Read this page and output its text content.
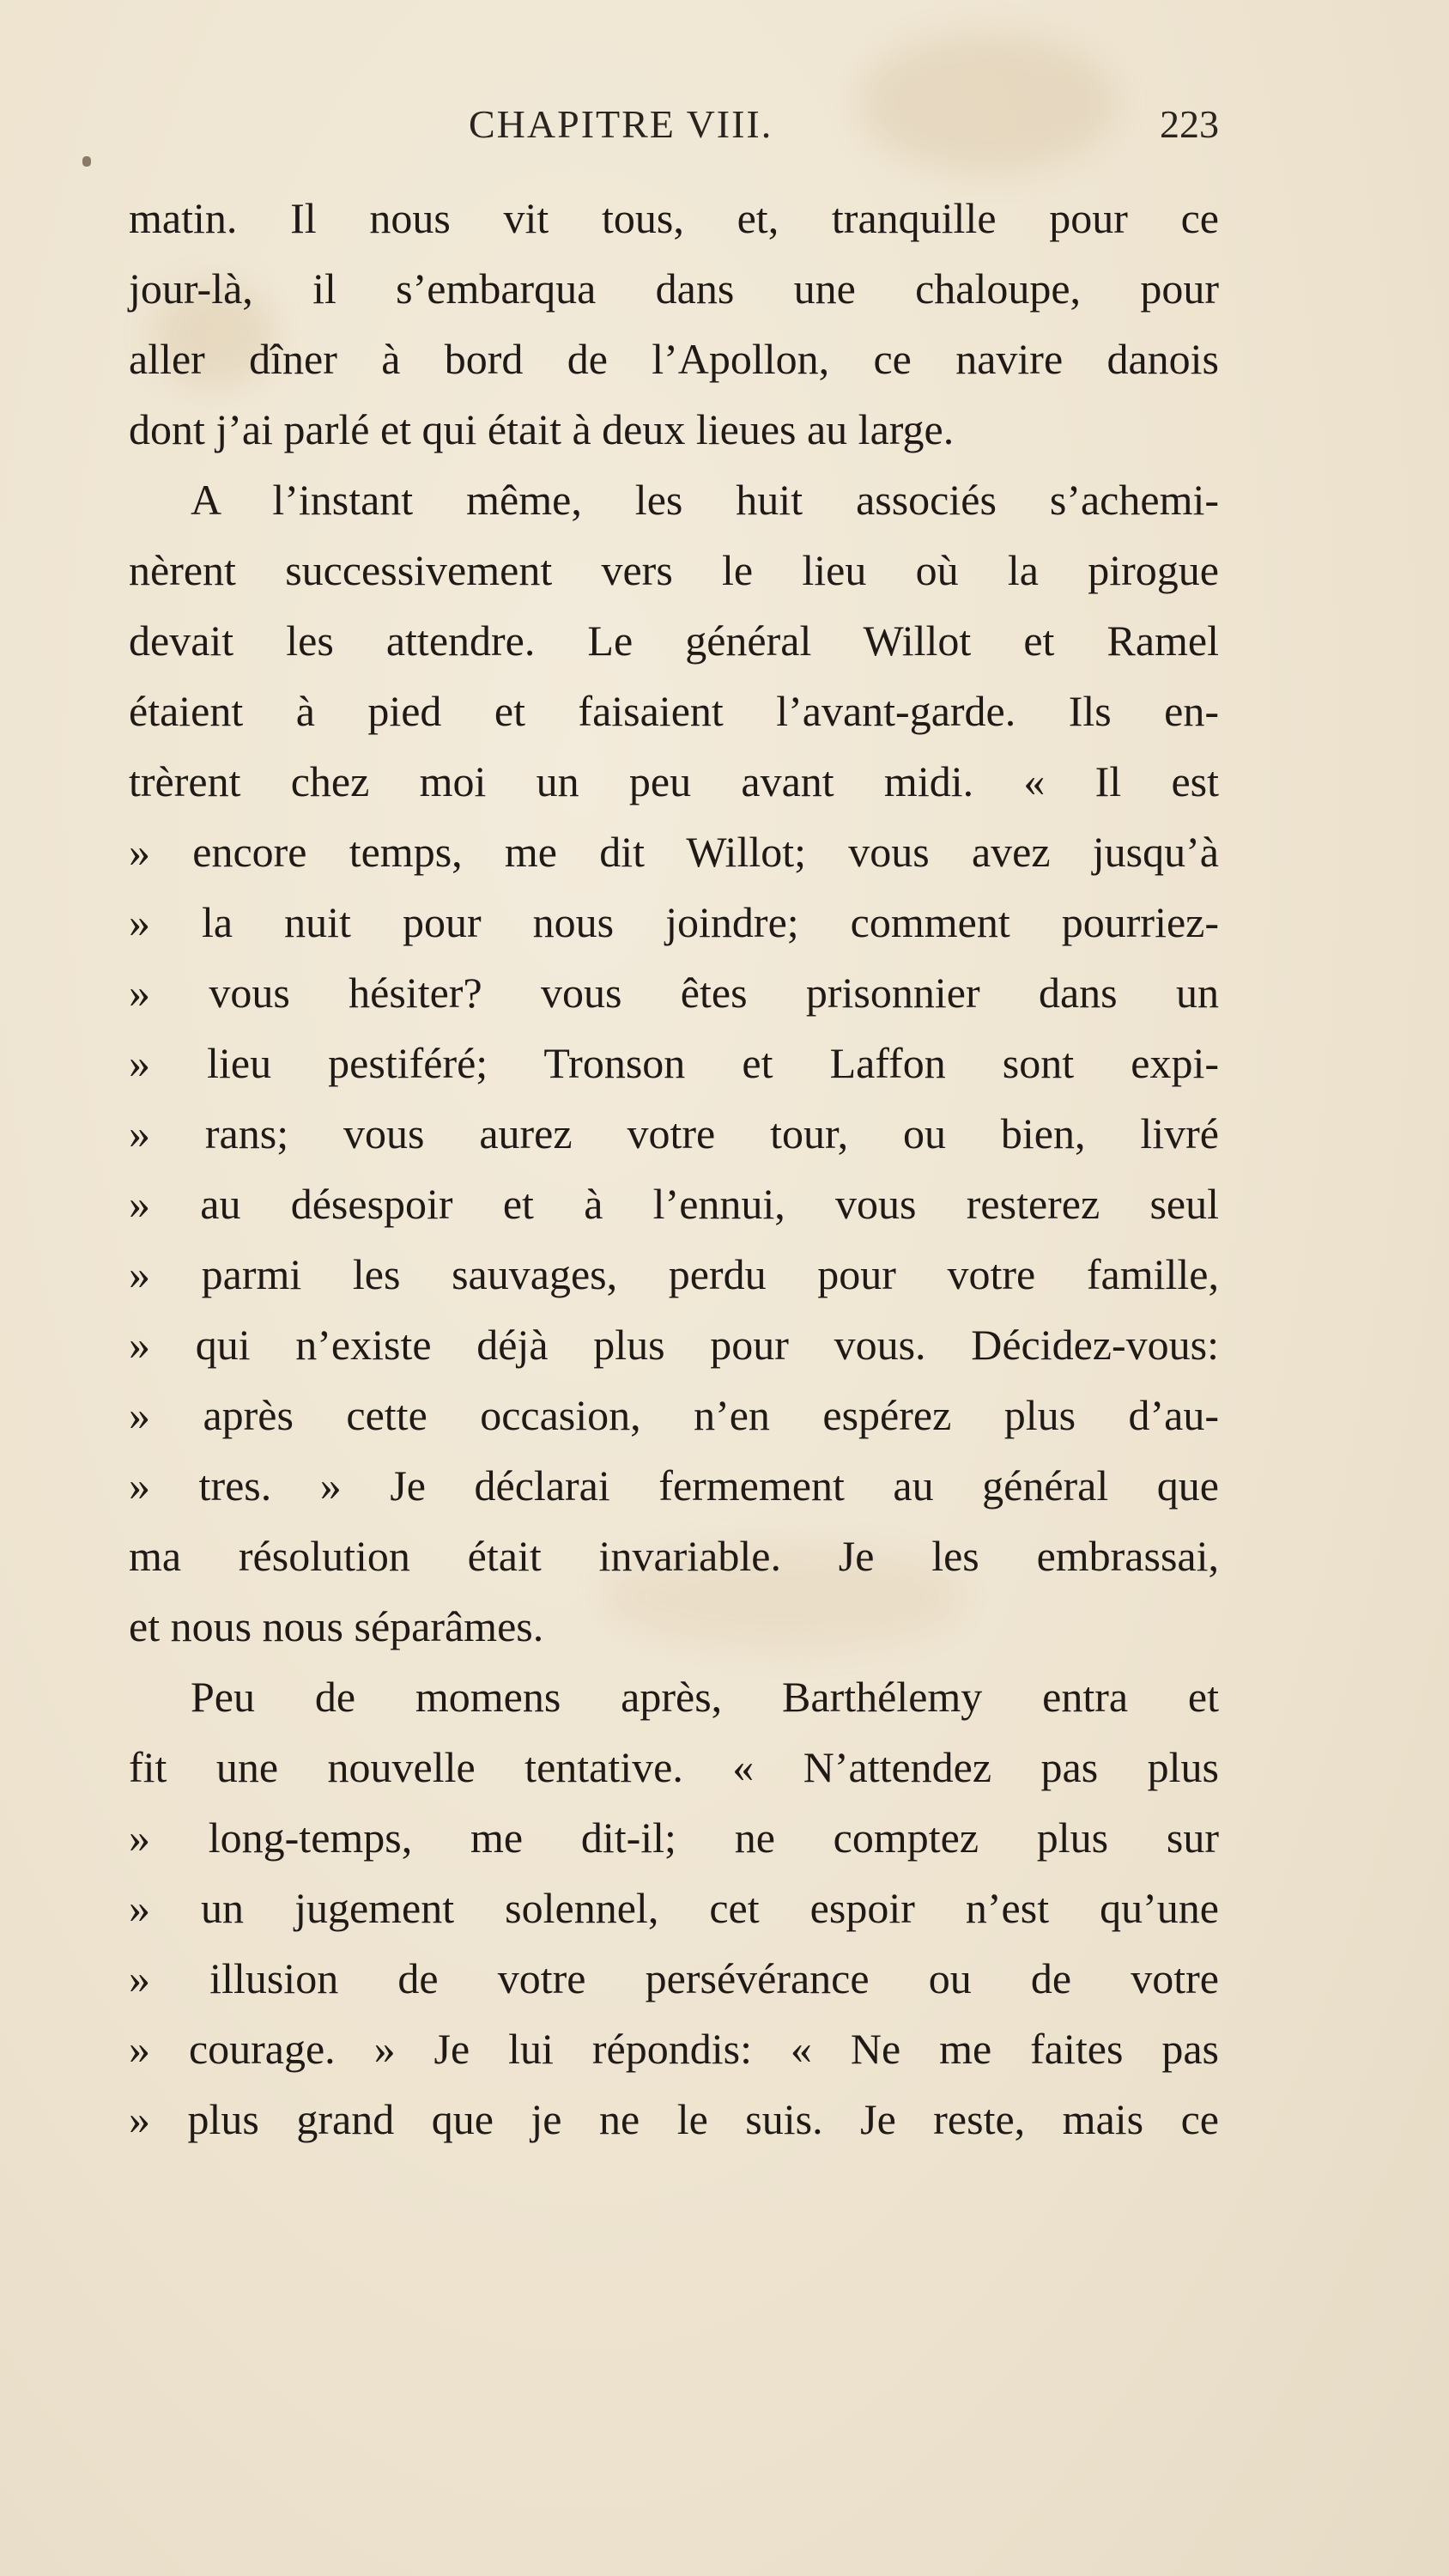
CHAPITRE VIII.	223
matin. Il nous vit tous, et, tranquille pour ce
jour-là, il s’embarqua dans une chaloupe, pour
aller dîner à bord de l’Apollon, ce navire danois
dont j’ai parlé et qui était à deux lieues au large.
A l’instant même, les huit associés s’achemi-
nèrent successivement vers le lieu où la pirogue
devait les attendre. Le général Willot et Ramel
étaient à pied et faisaient l’avant-garde. Ils en-
trèrent chez moi un peu avant midi. « Il est
» encore temps, me dit Willot; vous avez jusqu’à
» la nuit pour nous joindre; comment pourriez-
» vous hésiter? vous êtes prisonnier dans un
» lieu pestiféré; Tronson et Laffon sont expi-
» rans; vous aurez votre tour, ou bien, livré
» au désespoir et à l’ennui, vous resterez seul
» parmi les sauvages, perdu pour votre famille,
» qui n’existe déjà plus pour vous. Décidez-vous:
» après cette occasion, n’en espérez plus d’au-
» tres. » Je déclarai fermement au général que
ma résolution était invariable. Je les embrassai,
et nous nous séparâmes.
Peu de momens après, Barthélemy entra et
fit une nouvelle tentative. « N’attendez pas plus
» long-temps, me dit-il; ne comptez plus sur
» un jugement solennel, cet espoir n’est qu’une
» illusion de votre persévérance ou de votre
» courage. » Je lui répondis: « Ne me faites pas
» plus grand que je ne le suis. Je reste, mais ce
